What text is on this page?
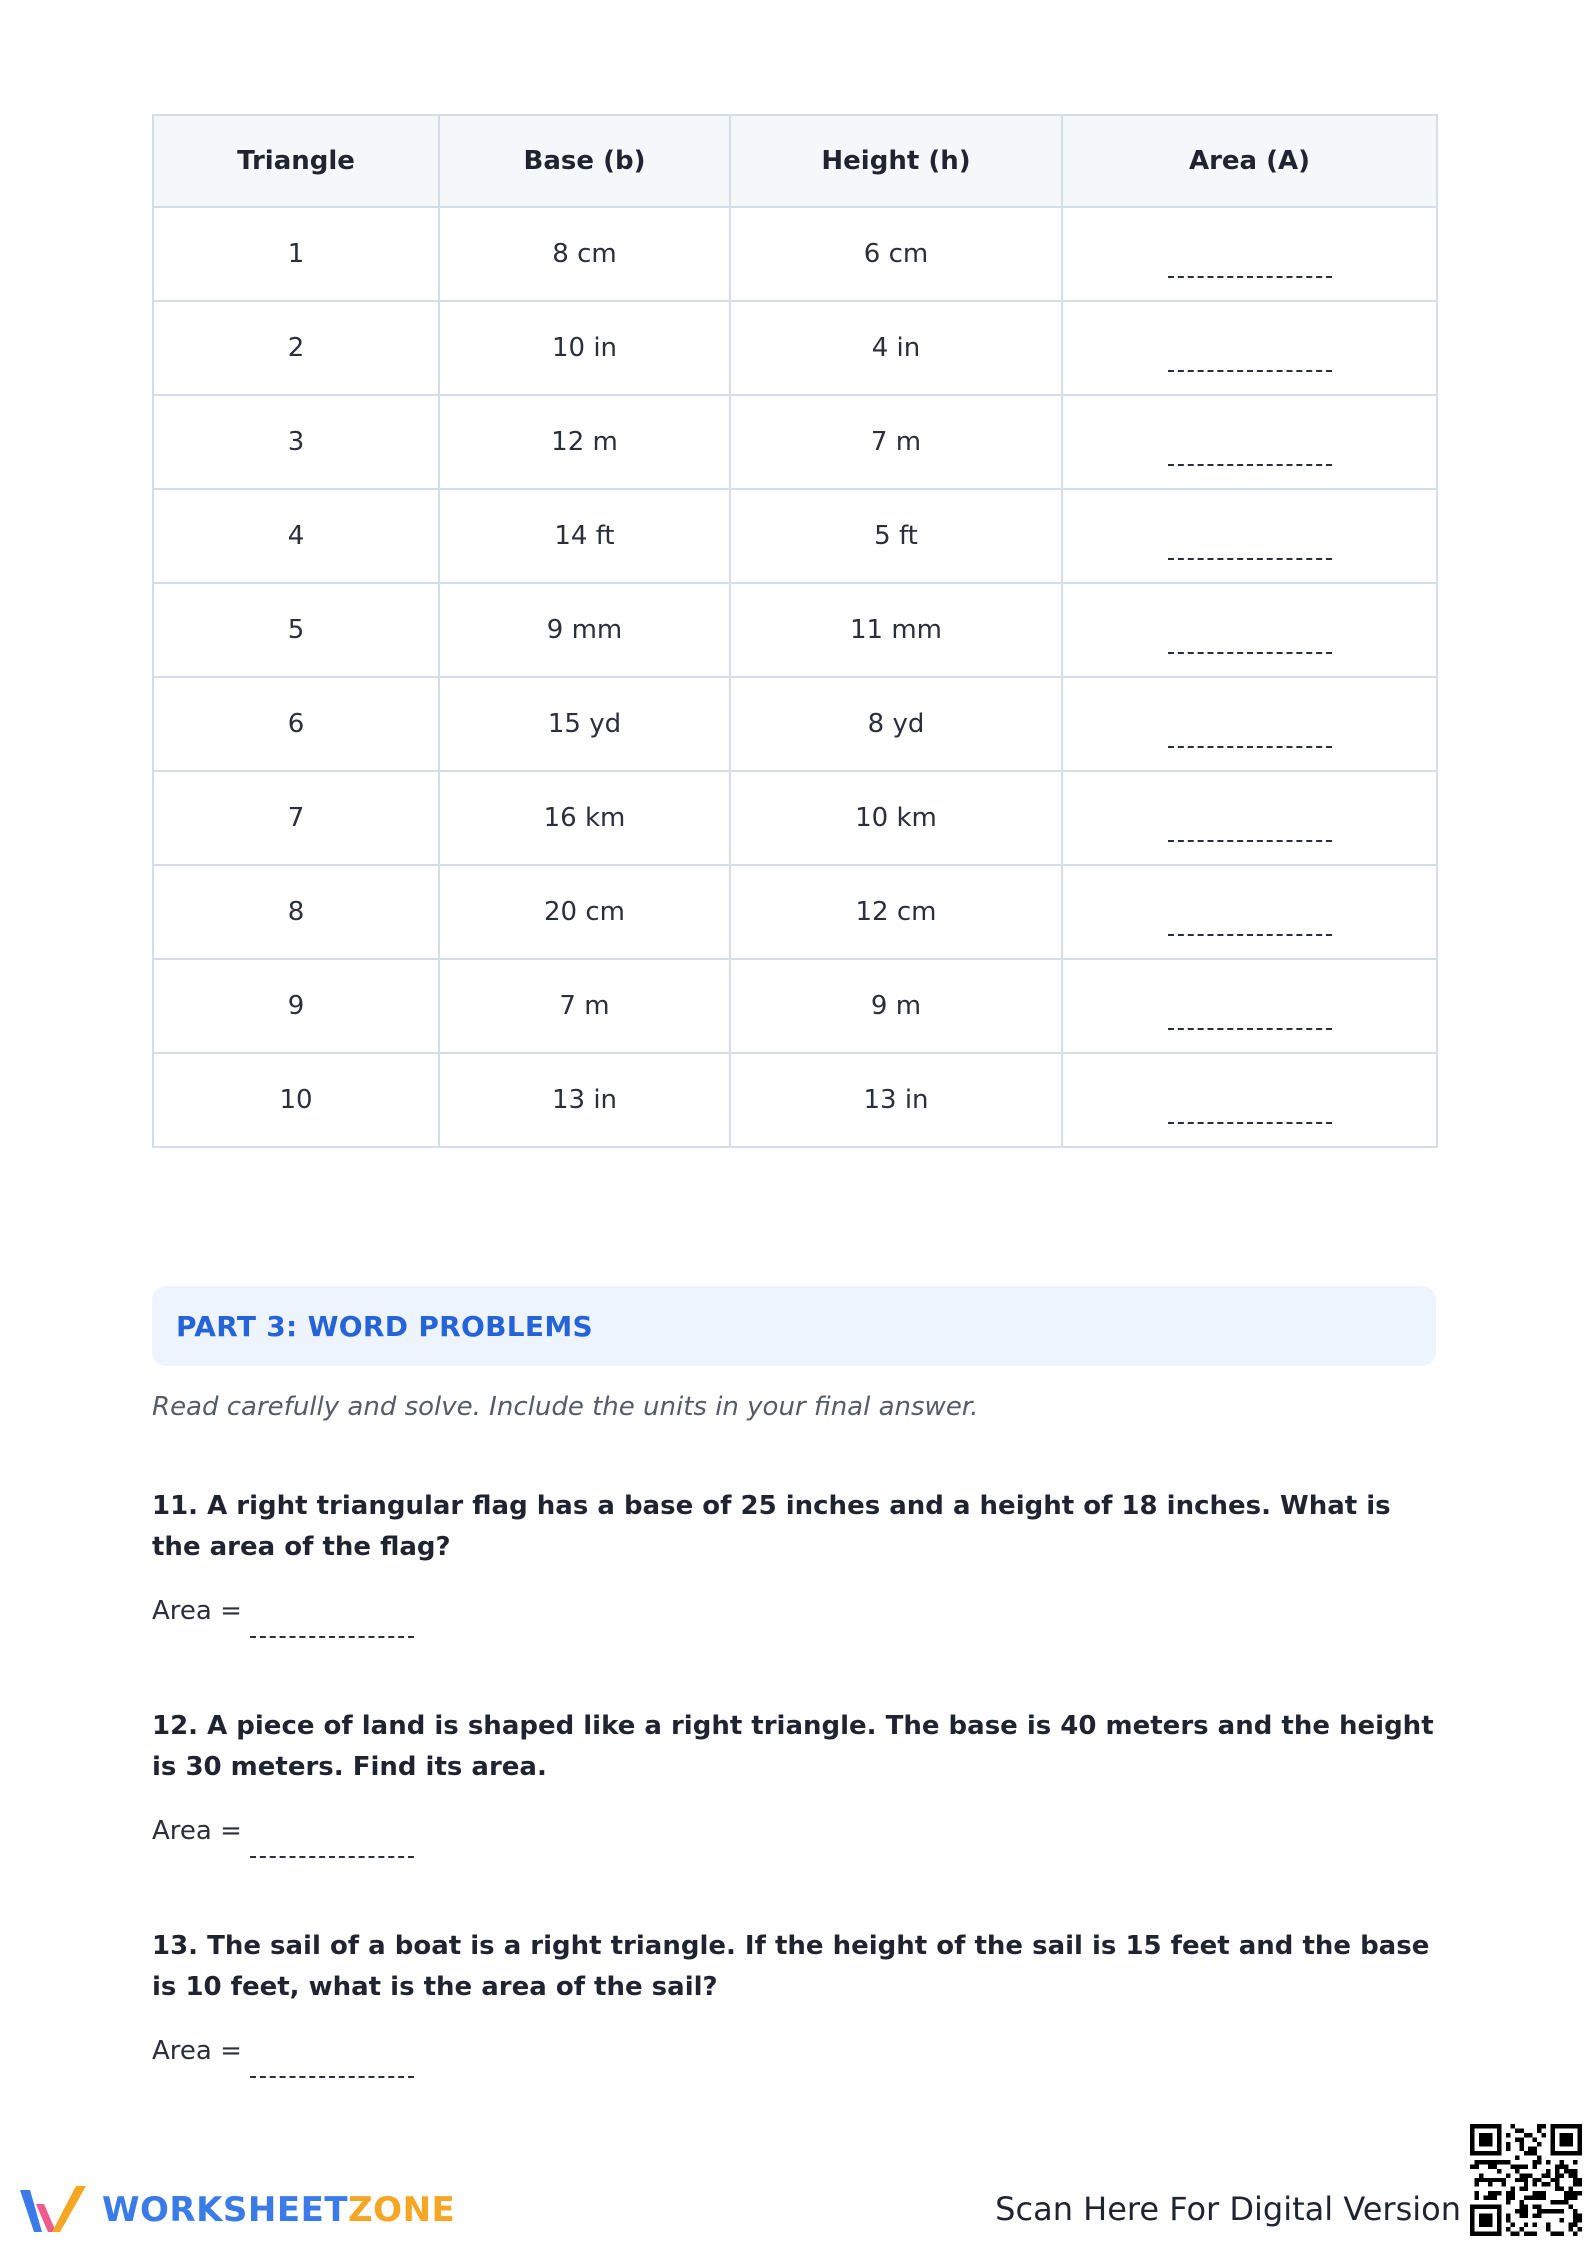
Triangle	Base (b)	Height (h)	Area (A)
1	8 cm	6 cm	

2	10 in	4 in	

3	12 m	7 m	

4	14 ft	5 ft	

5	9 mm	11 mm	

6	15 yd	8 yd	

7	16 km	10 km	

8	20 cm	12 cm	

9	7 m	9 m	

10	13 in	13 in	
PART 3: WORD PROBLEMS
Read carefully and solve. Include the units in your final answer.
11. A right triangular flag has a base of 25 inches and a height of 18 inches. What is the area of the flag?
Area =
12. A piece of land is shaped like a right triangle. The base is 40 meters and the height is 30 meters. Find its area.
Area =
13. The sail of a boat is a right triangle. If the height of the sail is 15 feet and the base is 10 feet, what is the area of the sail?
Area =
WORKSHEETZONE	Scan Here For Digital Version
